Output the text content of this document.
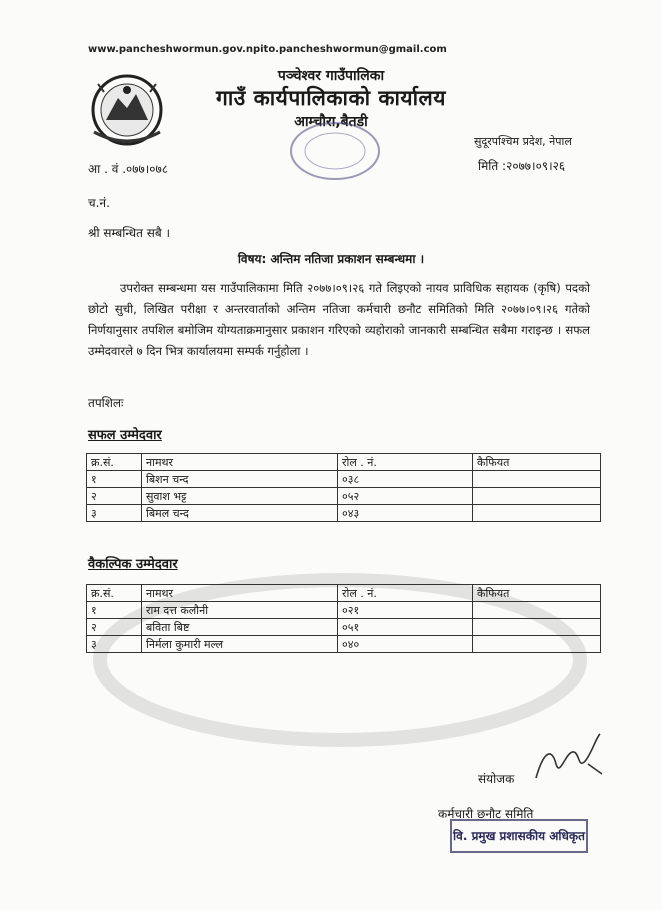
www.pancheshwormun.gov.npito.pancheshwormun@gmail.com
पञ्चेश्वर गाउँपालिका
गाउँ कार्यपालिकाको कार्यालय
आम्चौरा,बैतडी
सुदूरपश्चिम प्रदेश, नेपाल
आ . वं .०७७।०७८	मिति :२०७७।०९।२६
च.नं.
श्री सम्बन्धित सबै ।
विषय: अन्तिम नतिजा प्रकाशन सम्बन्धमा ।
उपरोक्त सम्बन्धमा यस गाउँपालिकामा मिति २०७७।०९।२६ गते लिइएको नायव प्राविधिक सहायक (कृषि) पदको छोटो सुची, लिखित परीक्षा र अन्तरवार्ताको अन्तिम नतिजा कर्मचारी छनौट समितिको मिति २०७७।०९।२६ गतेको निर्णयानुसार तपशिल बमोजिम योग्यताक्रमानुसार प्रकाशन गरिएको व्यहोराको जानकारी सम्बन्धित सबैमा गराइन्छ । सफल उम्मेदवारले ७ दिन भित्र कार्यालयमा सम्पर्क गर्नुहोला ।
तपशिलः
सफल उम्मेदवार
क्र.सं.	नामथर	रोल . नं.	कैफियत
१	बिशन चन्द	०३८	
२	सुवाश भट्ट	०५२	
३	बिमल चन्द	०४३	
वैकल्पिक उम्मेदवार
क्र.सं.	नामथर	रोल . नं.	कैफियत
१	राम दत्त कलौनी	०२१	
२	बविता बिष्ट	०५१	
३	निर्मला कुमारी मल्ल	०४०	
संयोजक
कर्मचारी छनौट समिति
वि. प्रमुख प्रशासकीय अधिकृत
